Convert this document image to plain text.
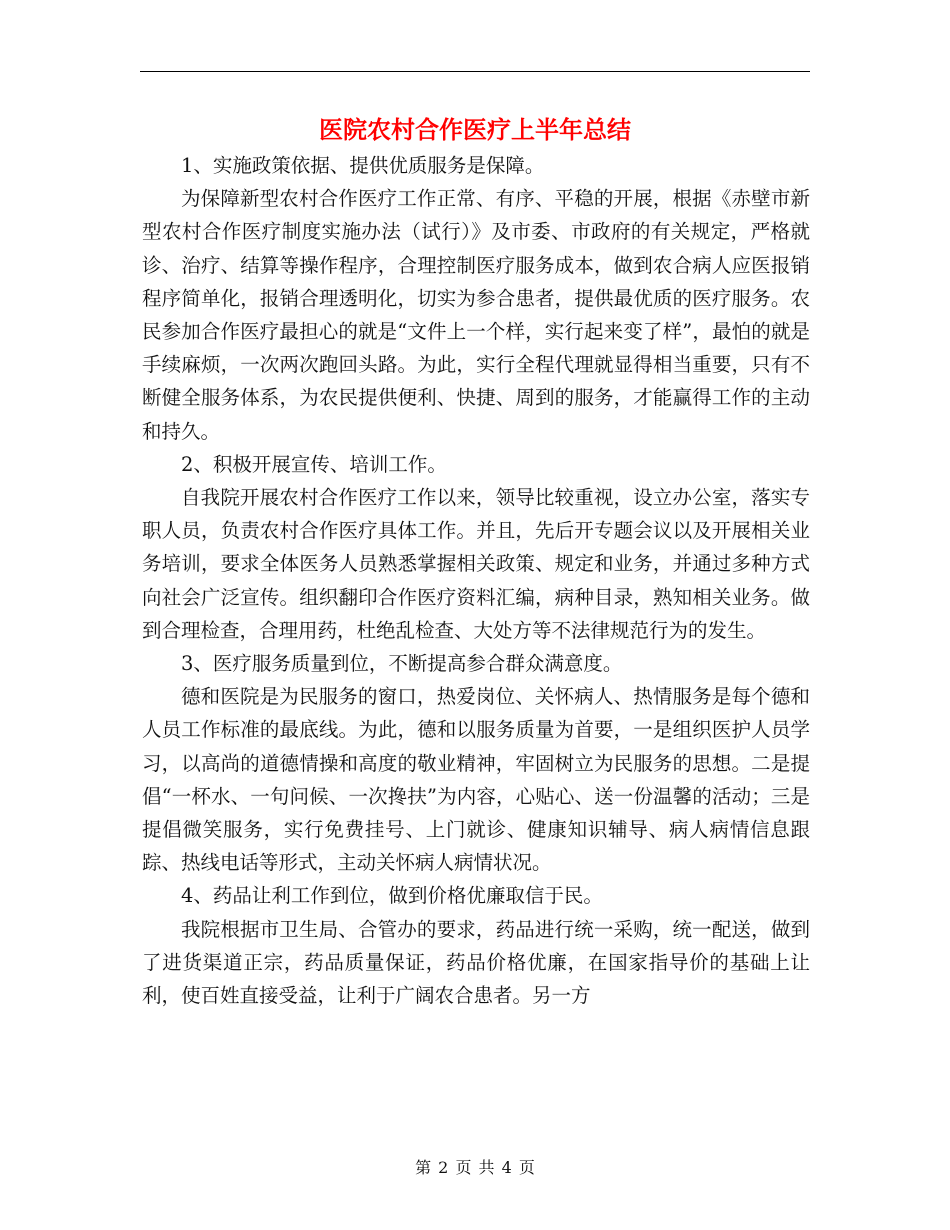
医院农村合作医疗上半年总结

1、实施政策依据、提供优质服务是保障。

为保障新型农村合作医疗工作正常、有序、平稳的开展，根据《赤壁市新型农村合作医疗制度实施办法（试行）》及市委、市政府的有关规定，严格就诊、治疗、结算等操作程序，合理控制医疗服务成本，做到农合病人应医报销程序简单化，报销合理透明化，切实为参合患者，提供最优质的医疗服务。农民参加合作医疗最担心的就是“文件上一个样，实行起来变了样”，最怕的就是手续麻烦，一次两次跑回头路。为此，实行全程代理就显得相当重要，只有不断健全服务体系，为农民提供便利、快捷、周到的服务，才能赢得工作的主动和持久。

2、积极开展宣传、培训工作。

自我院开展农村合作医疗工作以来，领导比较重视，设立办公室，落实专职人员，负责农村合作医疗具体工作。并且，先后开专题会议以及开展相关业务培训，要求全体医务人员熟悉掌握相关政策、规定和业务，并通过多种方式向社会广泛宣传。组织翻印合作医疗资料汇编，病种目录，熟知相关业务。做到合理检查，合理用药，杜绝乱检查、大处方等不法律规范行为的发生。

3、医疗服务质量到位，不断提高参合群众满意度。

德和医院是为民服务的窗口，热爱岗位、关怀病人、热情服务是每个德和人员工作标准的最底线。为此，德和以服务质量为首要，一是组织医护人员学习，以高尚的道德情操和高度的敬业精神，牢固树立为民服务的思想。二是提倡“一杯水、一句问候、一次搀扶”为内容，心贴心、送一份温馨的活动；三是提倡微笑服务，实行免费挂号、上门就诊、健康知识辅导、病人病情信息跟踪、热线电话等形式，主动关怀病人病情状况。

4、药品让利工作到位，做到价格优廉取信于民。

我院根据市卫生局、合管办的要求，药品进行统一采购，统一配送，做到了进货渠道正宗，药品质量保证，药品价格优廉，在国家指导价的基础上让利，使百姓直接受益，让利于广阔农合患者。另一方

第 2 页 共 4 页
